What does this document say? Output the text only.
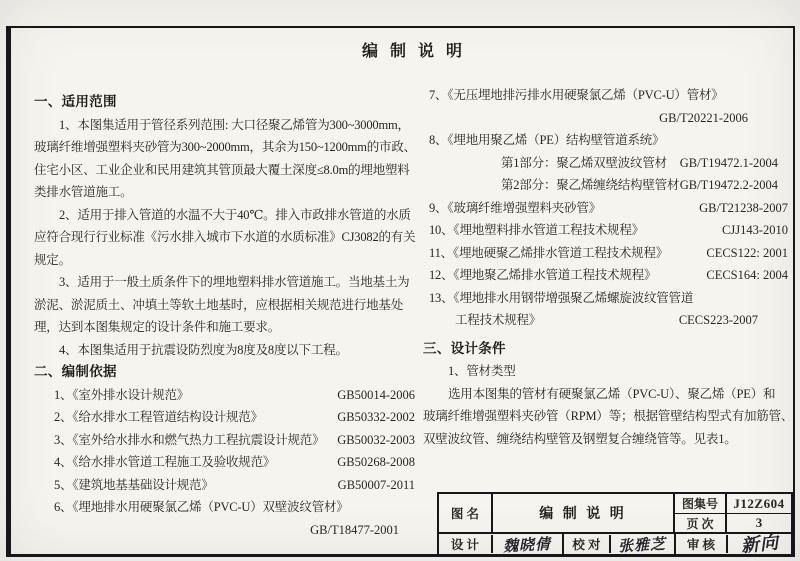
编 制 说 明
一、适用范围
1、本图集适用于管径系列范围: 大口径聚乙烯管为300~3000mm，
玻璃纤维增强塑料夹砂管为300~2000mm，其余为150~1200mm的市政、
住宅小区、工业企业和民用建筑其管顶最大覆土深度≤8.0m的埋地塑料
类排水管道施工。
2、适用于排入管道的水温不大于40℃。排入市政排水管道的水质
应符合现行行业标准《污水排入城市下水道的水质标准》CJ3082的有关
规定。
3、适用于一般土质条件下的埋地塑料排水管道施工。当地基土为
淤泥、淤泥质土、冲填土等软土地基时，应根据相关规范进行地基处
理，达到本图集规定的设计条件和施工要求。
4、本图集适用于抗震设防烈度为8度及8度以下工程。
二、编制依据
1、《室外排水设计规范》	GB50014-2006
2、《给水排水工程管道结构设计规范》	GB50332-2002
3、《室外给水排水和燃气热力工程抗震设计规范》 GB50032-2003
4、《给水排水管道工程施工及验收规范》	GB50268-2008
5、《建筑地基基础设计规范》	GB50007-2011
6、《埋地排水用硬聚氯乙烯（PVC-U）双壁波纹管材》
GB/T18477-2001
7、《无压埋地排污排水用硬聚氯乙烯（PVC-U）管材》
GB/T20221-2006
8、《埋地用聚乙烯（PE）结构壁管道系统》
第1部分：聚乙烯双壁波纹管材 GB/T19472.1-2004
第2部分：聚乙烯缠绕结构壁管材 GB/T19472.2-2004
9、《玻璃纤维增强塑料夹砂管》	GB/T21238-2007
10、《埋地塑料排水管道工程技术规程》	CJJ143-2010
11、《埋地硬聚乙烯排水管道工程技术规程》	CECS122: 2001
12、《埋地聚乙烯排水管道工程技术规程》	CECS164: 2004
13、《埋地排水用钢带增强聚乙烯螺旋波纹管管道
工程技术规程》	CECS223-2007
三、设计条件
1、管材类型
选用本图集的管材有硬聚氯乙烯（PVC-U）、聚乙烯（PE）和
玻璃纤维增强塑料夹砂管（RPM）等；根据管壁结构型式有加筋管、
双壁波纹管、缠绕结构壁管及钢塑复合缠绕管等。见表1。
图 名	编 制 说 明
图集号	J12Z604
页 次	3
设 计	魏晓倩	校 对	张雅芝	审 核	新向
